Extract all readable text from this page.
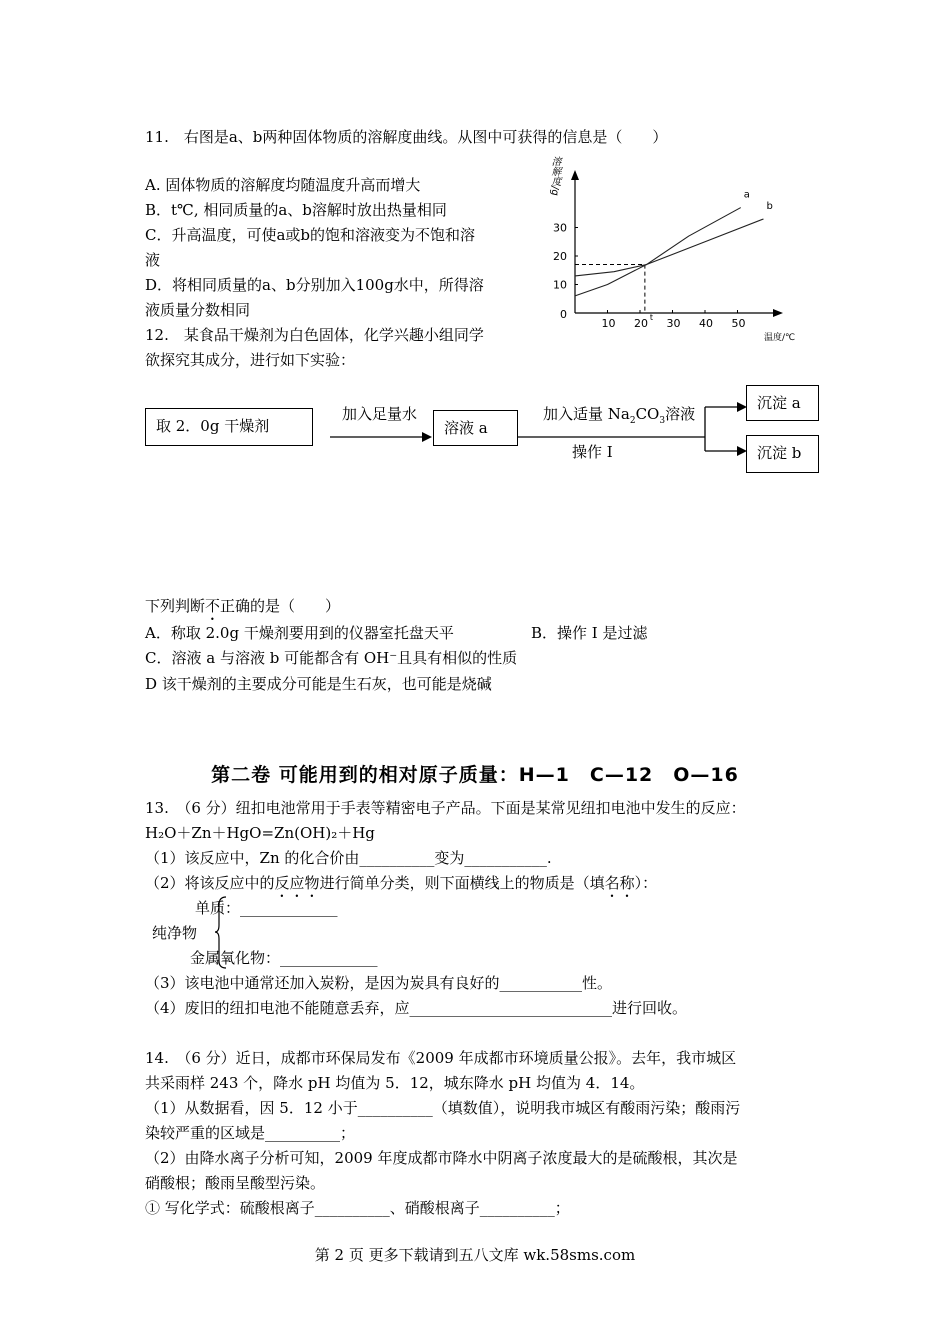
11.　右图是a、b两种固体物质的溶解度曲线。从图中可获得的信息是（　　）
A. 固体物质的溶解度均随温度升高而增大
B．t℃, 相同质量的a、b溶解时放出热量相同
C．升高温度，可使a或b的饱和溶液变为不饱和溶
液
D．将相同质量的a、b分别加入100g水中，所得溶
液质量分数相同
温度/℃
10 20 30 40 50
0
10
20
30
t
a
b
溶解度/g
12.　某食品干燥剂为白色固体，化学兴趣小组同学
欲探究其成分，进行如下实验：
取 2．0g 干燥剂
加入足量水
溶液 a
加入适量 $Na_2CO_3$溶液
操作 I
沉淀 a
沉淀 b
下列判断不正确的是（　　）
A．称取 2.0g 干燥剂要用到的仪器室托盘天平	B．操作 I 是过滤
C．溶液 a 与溶液 b 可能都含有 OH⁻且具有相似的性质
D 该干燥剂的主要成分可能是生石灰，也可能是烧碱
第二卷 可能用到的相对原子质量：H—1　C—12　O—16
13.　（6 分）纽扣电池常用于手表等精密电子产品。下面是某常见纽扣电池中发生的反应：
H₂O＋Zn＋HgO=Zn(OH)₂＋Hg
（1）该反应中，Zn 的化合价由__________变为___________.
（2）将该反应中的反应物进行简单分类，则下面横线上的物质是（填名称）：
单质：_____________
纯净物
金属氧化物：_____________
（3）该电池中通常还加入炭粉，是因为炭具有良好的___________性。
（4）废旧的纽扣电池不能随意丢弃，应___________________________进行回收。
14.　（6 分）近日，成都市环保局发布《2009 年成都市环境质量公报》。去年，我市城区
共采雨样 243 个，降水 pH 均值为 5．12，城东降水 pH 均值为 4．14。
（1）从数据看，因 5．12 小于__________（填数值），说明我市城区有酸雨污染；酸雨污
染较严重的区域是__________；
（2）由降水离子分析可知，2009 年度成都市降水中阴离子浓度最大的是硫酸根，其次是
硝酸根；酸雨呈酸型污染。
① 写化学式：硫酸根离子__________、硝酸根离子__________；
第 2 页 更多下载请到五八文库 wk.58sms.com
